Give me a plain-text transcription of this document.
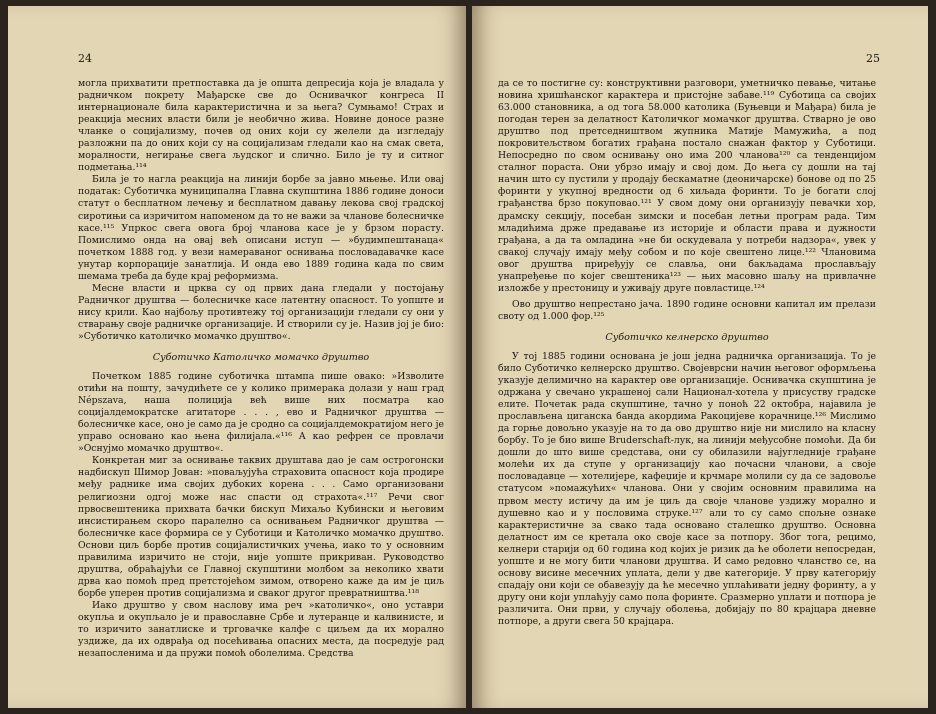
24

могла прихватити претпоставка да је општа депресија која је владала у радничком покрету Мађарске све до Оснивачког конгреса II интернационале била карактеристична и за њега? Сумњамо! Страх и реакција месних власти били је необично жива. Новине доносе разне чланке о социјализму, почев од оних који су желели да изгледају разложни па до оних који су на социјализам гледали као на смак света, моралности, негирање свега људског и слично. Било је ту и ситног подметања.¹¹⁴

Била је то нагла реакција на линији борбе за јавно мњење. Или овај податак: Суботичка муниципална Главна скупштина 1886 године доноси статут о бесплатном лечењу и бесплатном давању лекова свој градској сиротињи са изричитом напоменом да то не важи за чланове болесничке касе.¹¹⁵ Упркос свега овога број чланова касе је у брзом порасту. Помислимо онда на овај већ описани иступ — »будимпештанаца« почетком 1888 год. у вези намераваног оснивања пословадавачке касе унутар корпорације занатлија. И онда ево 1889 година када по свим шемама треба да буде крај реформизма.

Месне власти и црква су од првих дана гледали у постојању Радничког друштва — болесничке касе латентну опасност. То уопште и нису крили. Као најбољу противтежу тој организацији гледали су они у стварању своје радничке организације. И створили су је. Назив јој је био: »Суботичко католичко момачко друштво«.

Суботичко Католичко момачко друштво

Почетком 1885 године суботичка штампа пише овако: »Изволите отићи на пошту, зачудићете се у колико примерака долази у наш град Népszava, наша полиција већ више них посматра као социјалдемократске агитаторе . . . , ево и Радничког друштва — болесничке касе, оно је само да је сродно са социјалдемократијом него је управо основано као њена филијала.«¹¹⁶ А као рефрен се провлачи »Оснујмо момачко друштво«.

Конкретан миг за оснивање таквих друштава дао је сам острогонски надбискуп Шимор Јован: »поваљујућа страховита опасност која продире међу раднике има својих дубоких корена . . . Само организовани религиозни одгој може нас спасти од страхота«.¹¹⁷ Речи свог првосвештеника прихвата бачки бискуп Михаљо Кубински и његовим инсистирањем скоро паралелно са оснивањем Радничког друштва — болесничке касе формира се у Суботици и Католичко момачко друштво. Основи циљ борбе против социјалистичких учења, иако то у основним правилима изричито не стоји, није уопште прикриван. Руководство друштва, обраћајући се Главној скупштини молбом за неколико хвати дрва као помоћ пред претстојећом зимом, отворено каже да им је циљ борбе уперен против социјализма и сваког другог превратништва.¹¹⁸

Иако друштво у свом наслову има реч »католичко«, оно уставри окупља и окупљало је и православне Србе и лутеранце и калвинисте, и то изричито занатлиске и трговачке калфе с циљем да их морално уздиже, да их одврађа од посећивања опасних места, да посредује рад незапосленима и да пружи помоћ оболелима. Средства

25

да се то постигне су: конструктивни разговори, уметничко певање, читање новина хришћанског карактера и пристојне забаве.¹¹⁹ Суботица са својих 63.000 становника, а од тога 58.000 католика (Буњевци и Мађара) била је погодан терен за делатност Католичког момачког друштва. Стварно је ово друштво под претседништвом жупника Матије Мамужића, а под покровитељством богатих грађана постало снажан фактор у Суботици. Непосредно по свом оснивању оно има 200 чланова¹²⁰ са тенденцијом сталног пораста. Они убрзо имају и свој дом. До њега су дошли на тај начин што су пустили у продају бескаматне (деоничарске) бонове од по 25 форинти у укупној вредности од 6 хиљада форинти. То је богати слој грађанства брзо покуповао.¹²¹ У свом дому они организују певачки хор, драмску секцију, посебан зимски и посебан летњи програм рада. Тим младићима држе предавање из историје и области права и дужности грађана, а да та омладина »не би оскудевала у потреби надзора«, увек у свакој случају имају међу собом и по које свештено лице.¹²² Члановима овог друштва приређују се славља, они бакљадама прослављају унапређење по којег свештеника¹²³ — њих масовно шаљу на привлачне изложбе у престоницу и уживају друге повластице.¹²⁴

Ово друштво непрестано јача. 1890 године основни капитал им прелази своту од 1.000 фор.¹²⁵

Суботичко келнерско друштво

У тој 1885 години основана је још једна радничка организација. То је било Суботичко келнерско друштво. Својеврсни начин његовог оформљења указује делимично на карактер ове организације. Оснивачка скупштина је одржана у свечано украшеној сали Национал-хотела у присуству градске елите. Почетак рада скупштине, тачно у поноћ 22 октобра, најавила је прослављена циганска банда акордима Ракоцијеве корачнице.¹²⁶ Мислимо да горње довољно указује на то да ово друштво није ни мислило на класну борбу. То је био више Bruderschaft-лук, на линији међусобне помоћи. Да би дошли до што више средстава, они су обилазили најугледније грађане молећи их да ступе у организацију као почасни чланови, а своје пословадавце — хотелијере, кафеџије и крчмаре молили су да се задовоље статусом »помажућих« чланова. Они у својим основним правилима на првом месту истичу да им је циљ да своје чланове уздижу морално и душевно као и у пословима струке.¹²⁷ али то су само спољне ознаке карактеристичне за свако тада основано сталешко друштво. Основна делатност им се кретала око своје касе за потпору. Због тога, рецимо, келнери старији од 60 година код којих је ризик да ће оболети непосредан, уопште и не могу бити чланови друштва. И само редовно чланство се, на основу висине месечних уплата, дели у две категорије. У прву категорију спадају они који се обавезују да ће месечно уплаћивати једну форинту, а у другу они који уплаћују само пола форинте. Сразмерно уплати и потпора је различита. Они први, у случају оболења, добијају по 80 крајцара дневне потпоре, а други свега 50 крајцара.
